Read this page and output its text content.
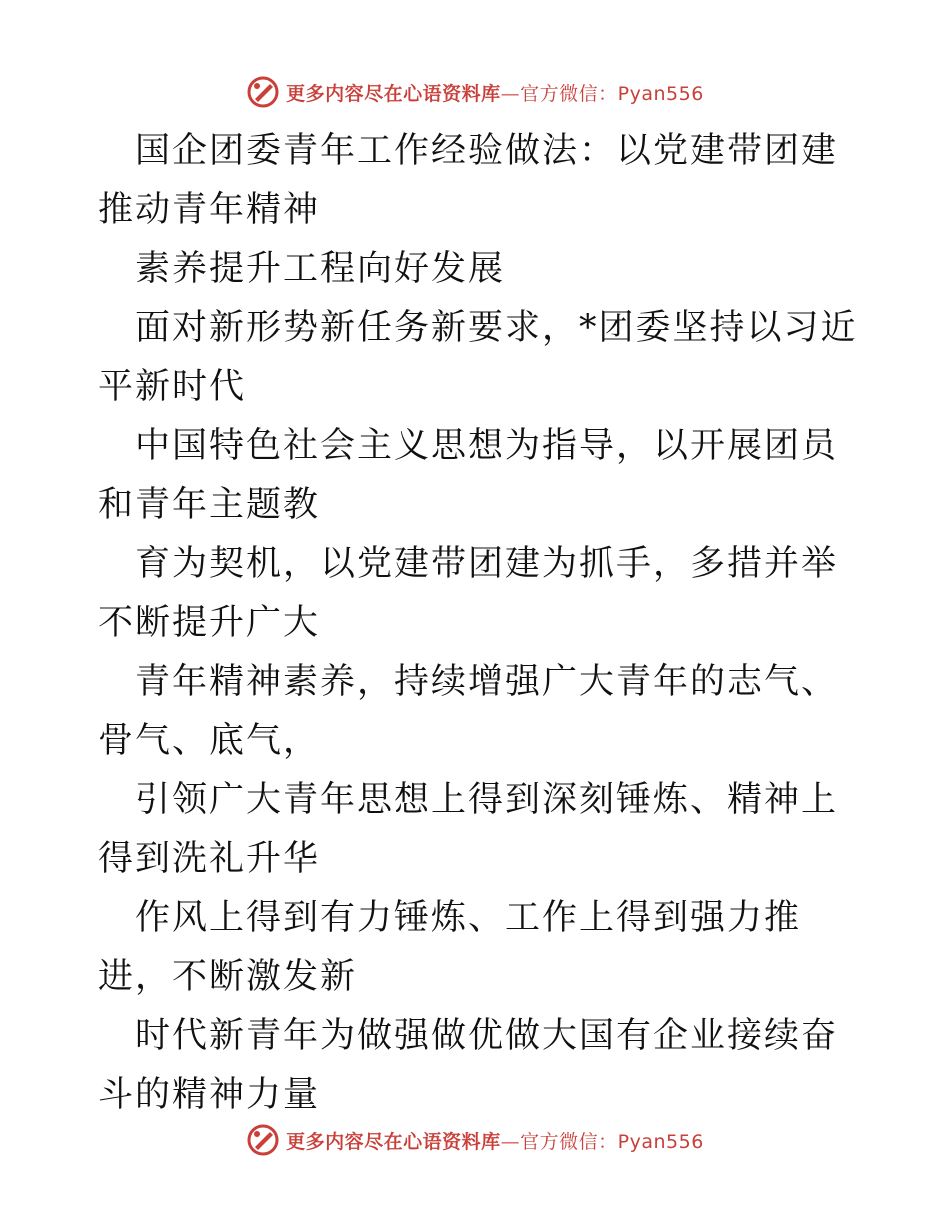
更多内容尽在心语资料库—官方微信：Pyan556

　国企团委青年工作经验做法：以党建带团建推动青年精神

　素养提升工程向好发展

　面对新形势新任务新要求，*团委坚持以习近平新时代

　中国特色社会主义思想为指导，以开展团员和青年主题教

　育为契机，以党建带团建为抓手，多措并举不断提升广大

　青年精神素养，持续增强广大青年的志气、骨气、底气，

　引领广大青年思想上得到深刻锤炼、精神上得到洗礼升华

　作风上得到有力锤炼、工作上得到强力推进，不断激发新

　时代新青年为做强做优做大国有企业接续奋斗的精神力量

更多内容尽在心语资料库—官方微信：Pyan556
